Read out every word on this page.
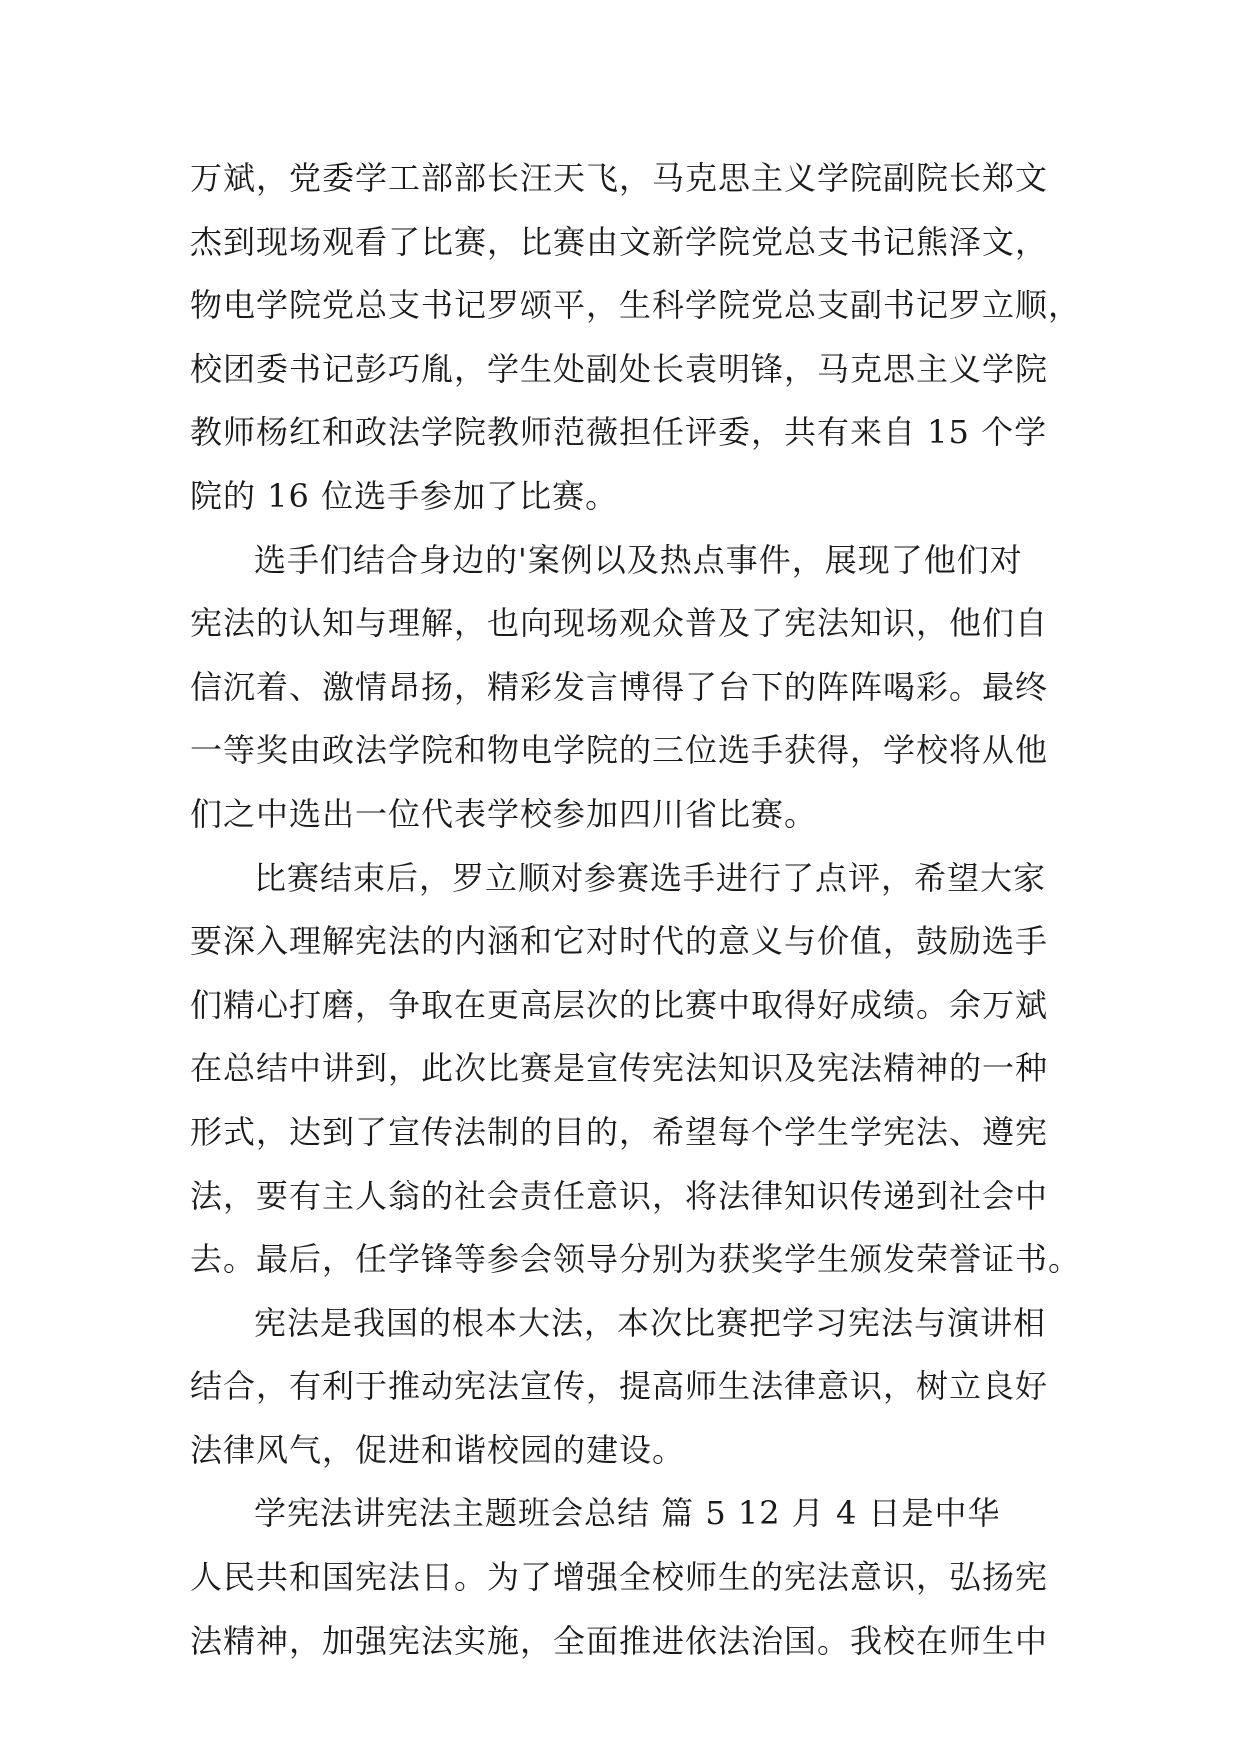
万斌，党委学工部部长汪天飞，马克思主义学院副院长郑文
杰到现场观看了比赛，比赛由文新学院党总支书记熊泽文，
物电学院党总支书记罗颂平，生科学院党总支副书记罗立顺，
校团委书记彭巧胤，学生处副处长袁明锋，马克思主义学院
教师杨红和政法学院教师范薇担任评委，共有来自 15 个学
院的 16 位选手参加了比赛。
选手们结合身边的'案例以及热点事件，展现了他们对
宪法的认知与理解，也向现场观众普及了宪法知识，他们自
信沉着、激情昂扬，精彩发言博得了台下的阵阵喝彩。最终
一等奖由政法学院和物电学院的三位选手获得，学校将从他
们之中选出一位代表学校参加四川省比赛。
比赛结束后，罗立顺对参赛选手进行了点评，希望大家
要深入理解宪法的内涵和它对时代的意义与价值，鼓励选手
们精心打磨，争取在更高层次的比赛中取得好成绩。余万斌
在总结中讲到，此次比赛是宣传宪法知识及宪法精神的一种
形式，达到了宣传法制的目的，希望每个学生学宪法、遵宪
法，要有主人翁的社会责任意识，将法律知识传递到社会中
去。最后，任学锋等参会领导分别为获奖学生颁发荣誉证书。
宪法是我国的根本大法，本次比赛把学习宪法与演讲相
结合，有利于推动宪法宣传，提高师生法律意识，树立良好
法律风气，促进和谐校园的建设。
学宪法讲宪法主题班会总结 篇 5 12 月 4 日是中华
人民共和国宪法日。为了增强全校师生的宪法意识，弘扬宪
法精神，加强宪法实施，全面推进依法治国。我校在师生中
